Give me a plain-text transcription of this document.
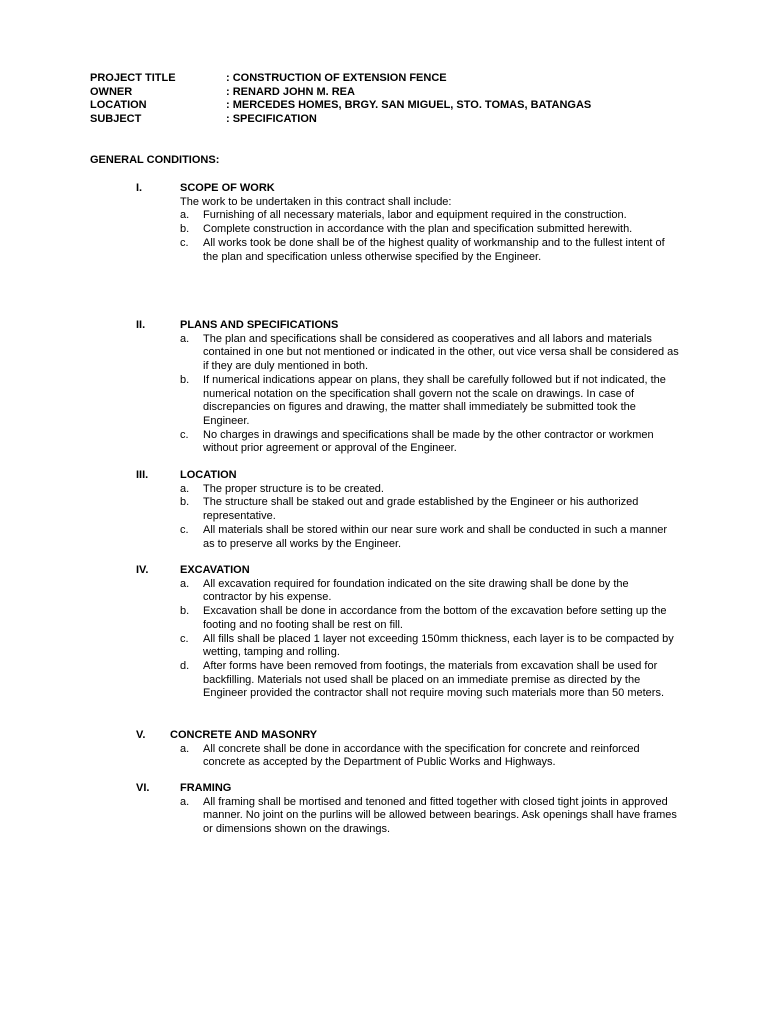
PROJECT TITLE	: CONSTRUCTION OF EXTENSION FENCE
OWNER	: RENARD JOHN M. REA
LOCATION	: MERCEDES HOMES, BRGY. SAN MIGUEL, STO. TOMAS, BATANGAS
SUBJECT	: SPECIFICATION
GENERAL CONDITIONS:
I.	SCOPE OF WORK

The work to be undertaken in this contract shall include:

a. Furnishing of all necessary materials, labor and equipment required in the construction.

b. Complete construction in accordance with the plan and specification submitted herewith.

c. All works took be done shall be of the highest quality of workmanship and to the fullest intent of the plan and specification unless otherwise specified by the Engineer.

II.	PLANS AND SPECIFICATIONS

a. The plan and specifications shall be considered as cooperatives and all labors and materials contained in one but not mentioned or indicated in the other, out vice versa shall be considered as if they are duly mentioned in both.

b. If numerical indications appear on plans, they shall be carefully followed but if not indicated, the numerical notation on the specification shall govern not the scale on drawings. In case of discrepancies on figures and drawing, the matter shall immediately be submitted took the Engineer.

c. No charges in drawings and specifications shall be made by the other contractor or workmen without prior agreement or approval of the Engineer.

III.	LOCATION

a. The proper structure is to be created.

b. The structure shall be staked out and grade established by the Engineer or his authorized representative.

c. All materials shall be stored within our near sure work and shall be conducted in such a manner as to preserve all works by the Engineer.

IV.	EXCAVATION

a. All excavation required for foundation indicated on the site drawing shall be done by the contractor by his expense.

b. Excavation shall be done in accordance from the bottom of the excavation before setting up the footing and no footing shall be rest on fill.

c. All fills shall be placed 1 layer not exceeding 150mm thickness, each layer is to be compacted by wetting, tamping and rolling.

d. After forms have been removed from footings, the materials from excavation shall be used for backfilling. Materials not used shall be placed on an immediate premise as directed by the Engineer provided the contractor shall not require moving such materials more than 50 meters.

V. CONCRETE AND MASONRY

a. All concrete shall be done in accordance with the specification for concrete and reinforced concrete as accepted by the Department of Public Works and Highways.

VI.	FRAMING

a. All framing shall be mortised and tenoned and fitted together with closed tight joints in approved manner. No joint on the purlins will be allowed between bearings. Ask openings shall have frames or dimensions shown on the drawings.
